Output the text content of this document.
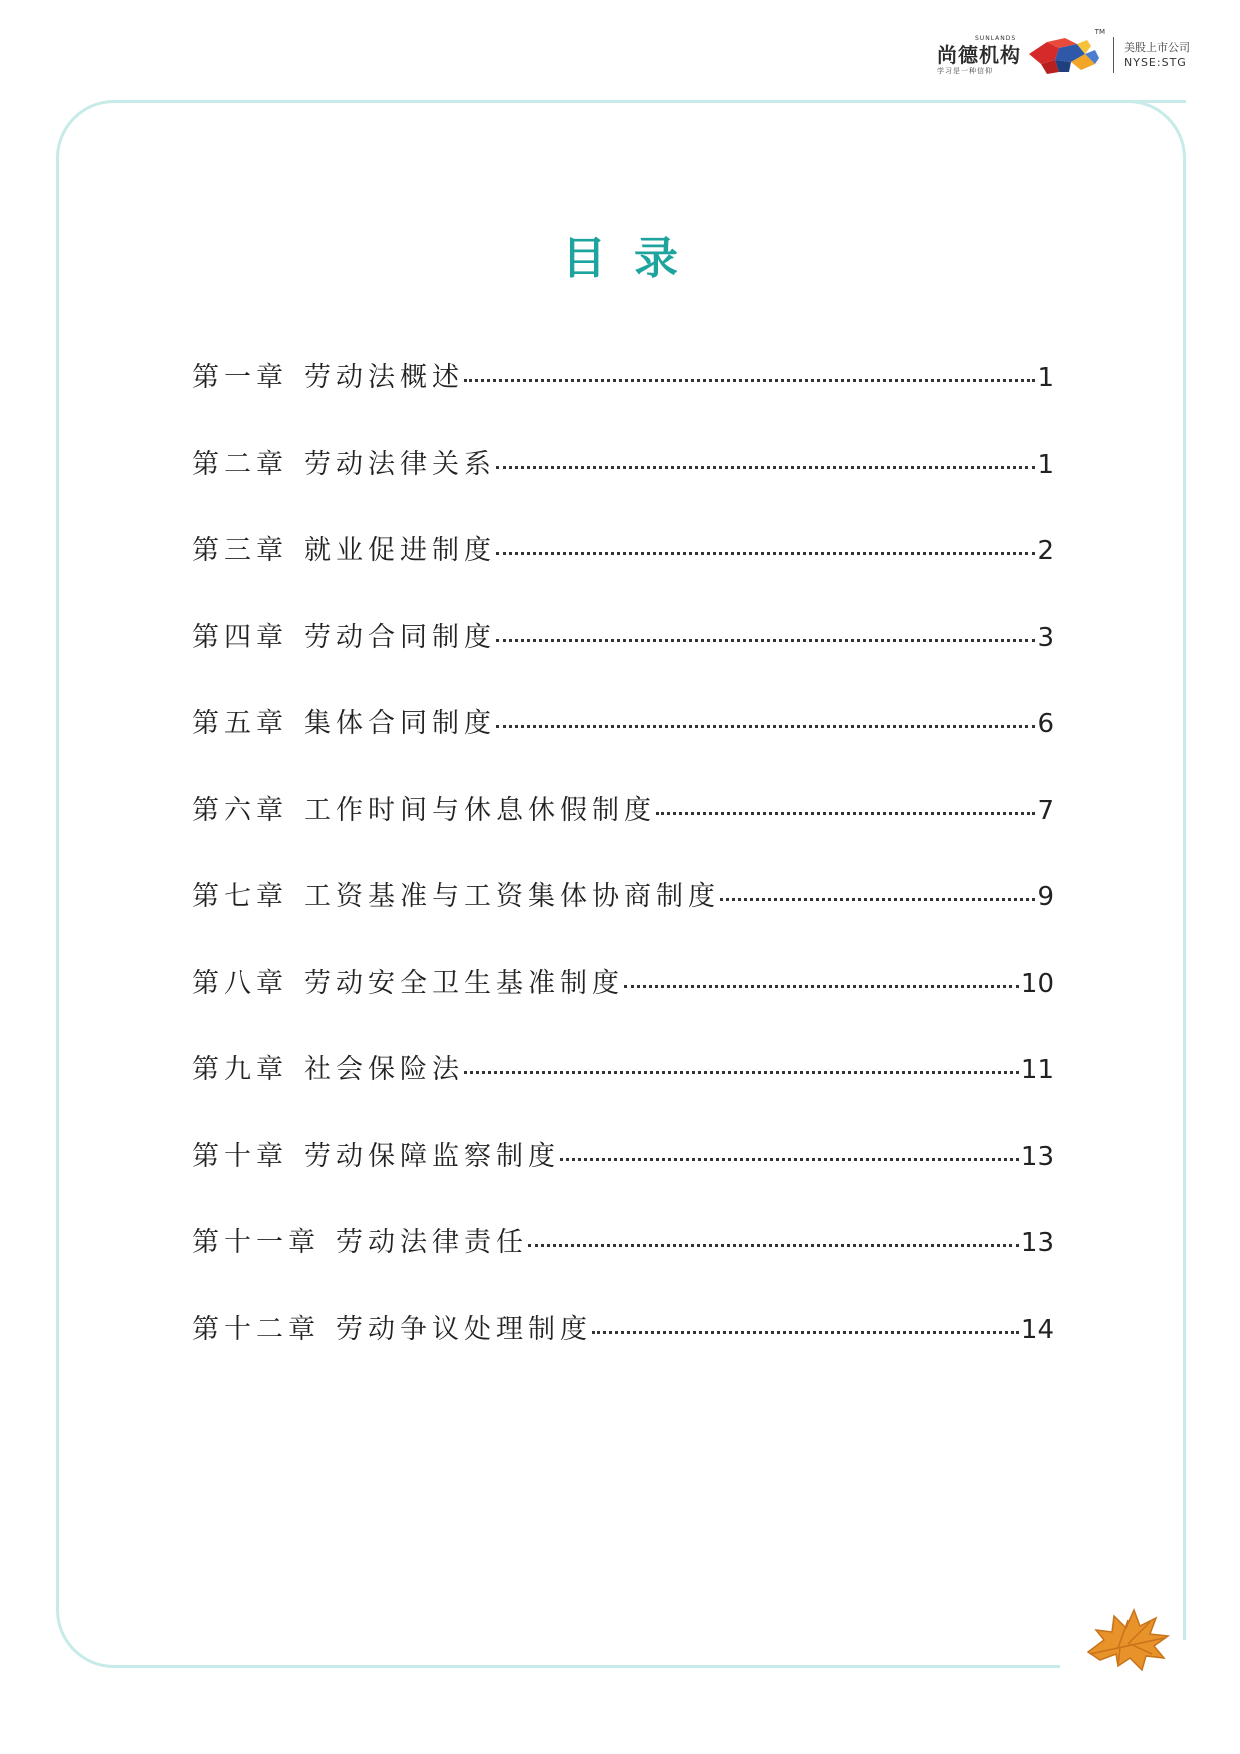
SUNLANDS
尚德机构
学习是一种信仰
TM
美股上市公司
NYSE:STG
目录
第一章 劳动法概述	1
第二章 劳动法律关系	1
第三章 就业促进制度	2
第四章 劳动合同制度	3
第五章 集体合同制度	6
第六章 工作时间与休息休假制度	7
第七章 工资基准与工资集体协商制度	9
第八章 劳动安全卫生基准制度	10
第九章 社会保险法	11
第十章 劳动保障监察制度	13
第十一章 劳动法律责任	13
第十二章 劳动争议处理制度	14
